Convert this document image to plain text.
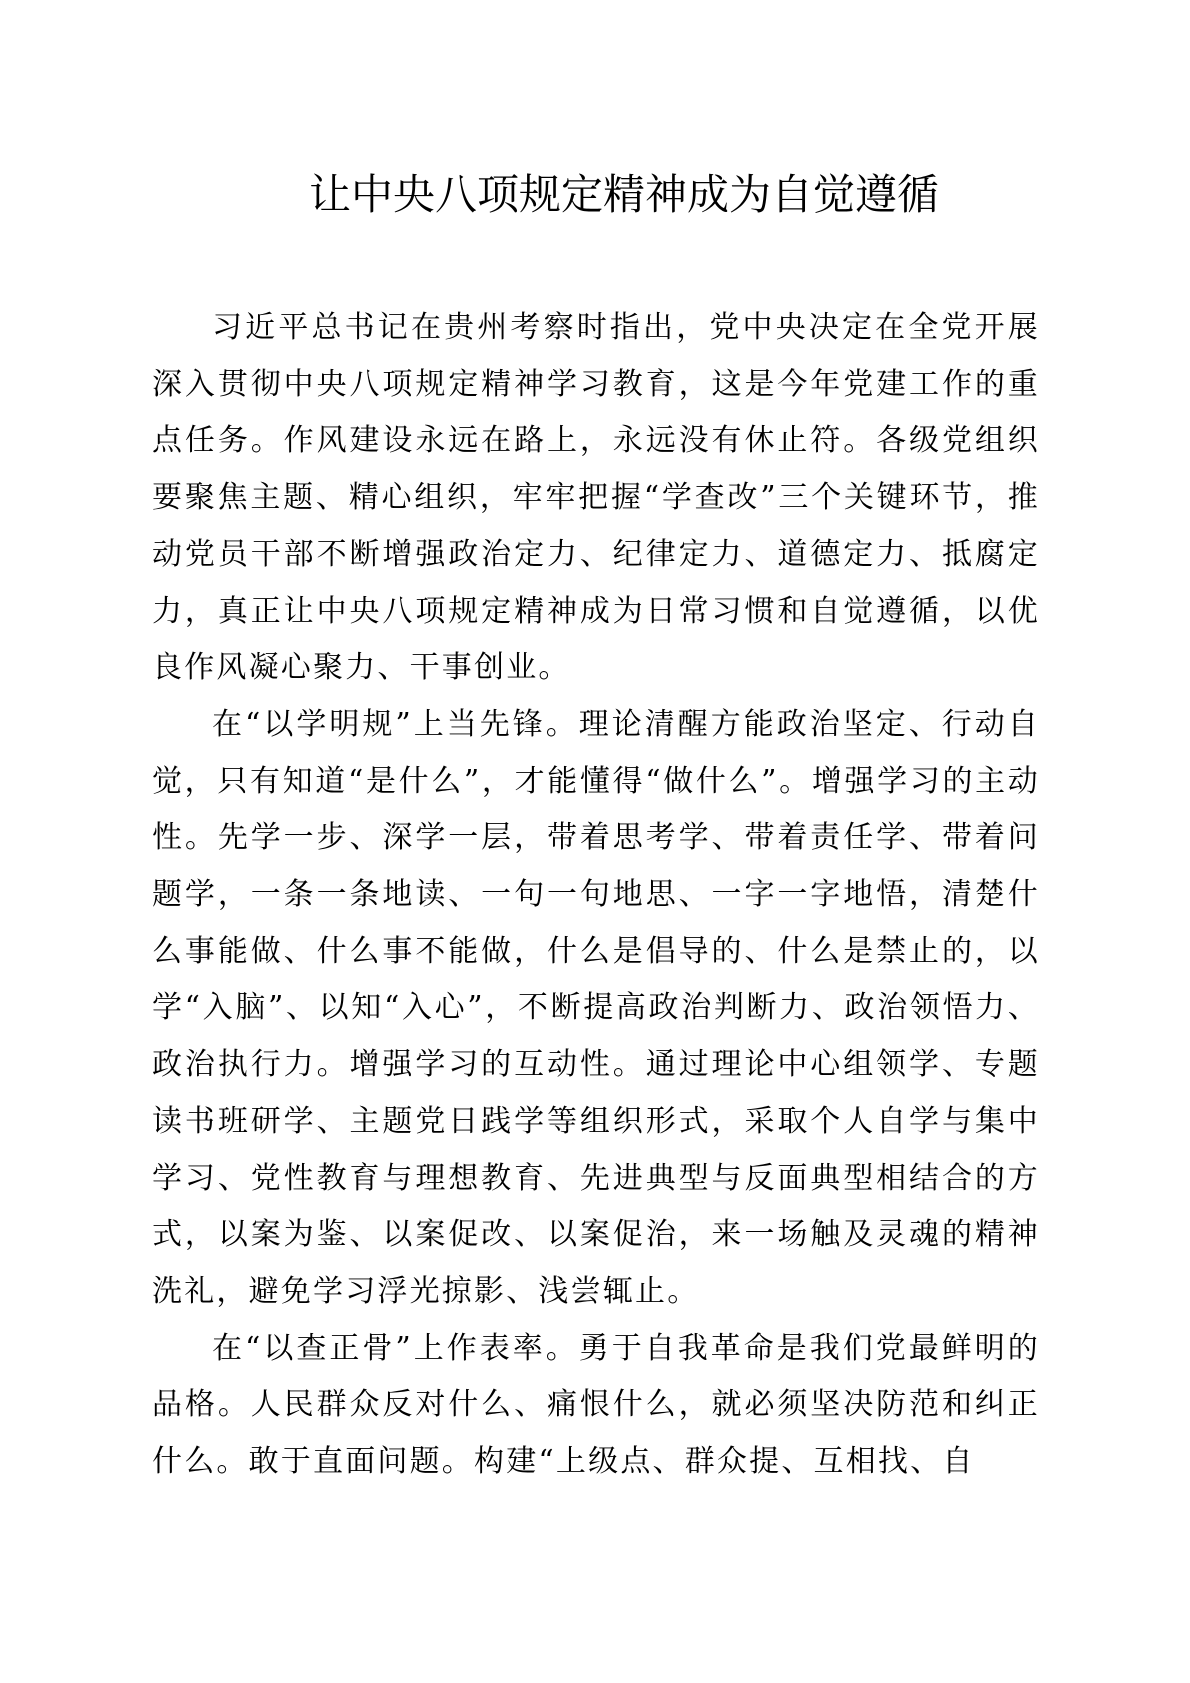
让中央八项规定精神成为自觉遵循

习近平总书记在贵州考察时指出，党中央决定在全党开展深入贯彻中央八项规定精神学习教育，这是今年党建工作的重点任务。作风建设永远在路上，永远没有休止符。各级党组织要聚焦主题、精心组织，牢牢把握“学查改”三个关键环节，推动党员干部不断增强政治定力、纪律定力、道德定力、抵腐定力，真正让中央八项规定精神成为日常习惯和自觉遵循，以优良作风凝心聚力、干事创业。

在“以学明规”上当先锋。理论清醒方能政治坚定、行动自觉，只有知道“是什么”，才能懂得“做什么”。增强学习的主动性。先学一步、深学一层，带着思考学、带着责任学、带着问题学，一条一条地读、一句一句地思、一字一字地悟，清楚什么事能做、什么事不能做，什么是倡导的、什么是禁止的，以学“入脑”、以知“入心”，不断提高政治判断力、政治领悟力、政治执行力。增强学习的互动性。通过理论中心组领学、专题读书班研学、主题党日践学等组织形式，采取个人自学与集中学习、党性教育与理想教育、先进典型与反面典型相结合的方式，以案为鉴、以案促改、以案促治，来一场触及灵魂的精神洗礼，避免学习浮光掠影、浅尝辄止。

在“以查正骨”上作表率。勇于自我革命是我们党最鲜明的品格。人民群众反对什么、痛恨什么，就必须坚决防范和纠正什么。敢于直面问题。构建“上级点、群众提、互相找、自
